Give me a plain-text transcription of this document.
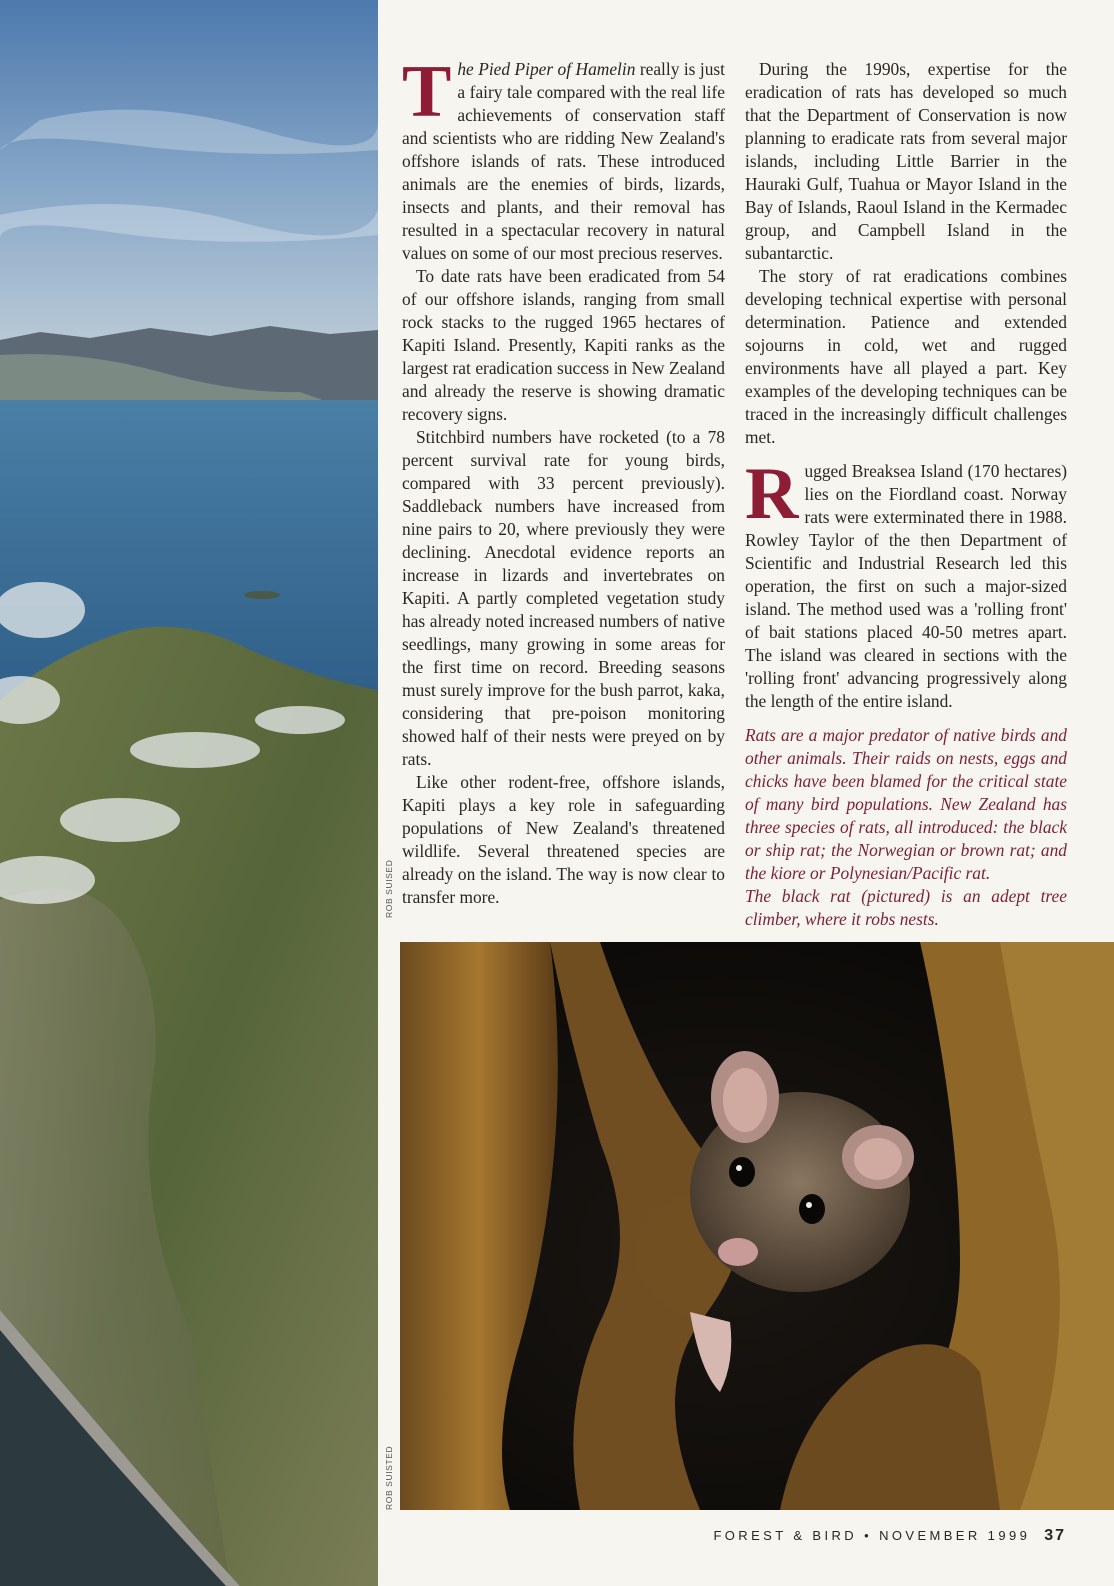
ROB SUISED
ROB SUISTED

The Pied Piper of Hamelin really is just a fairy tale compared with the real life achievements of conservation staff and scientists who are ridding New Zealand's offshore islands of rats. These introduced animals are the enemies of birds, lizards, insects and plants, and their removal has resulted in a spectacular recovery in natural values on some of our most precious reserves.

To date rats have been eradicated from 54 of our offshore islands, ranging from small rock stacks to the rugged 1965 hectares of Kapiti Island. Presently, Kapiti ranks as the largest rat eradication success in New Zealand and already the reserve is showing dramatic recovery signs.

Stitchbird numbers have rocketed (to a 78 percent survival rate for young birds, compared with 33 percent previously). Saddleback numbers have increased from nine pairs to 20, where previously they were declining. Anecdotal evidence reports an increase in lizards and invertebrates on Kapiti. A partly completed vegetation study has already noted increased numbers of native seedlings, many growing in some areas for the first time on record. Breeding seasons must surely improve for the bush parrot, kaka, considering that pre-poison monitoring showed half of their nests were preyed on by rats.

Like other rodent-free, offshore islands, Kapiti plays a key role in safeguarding populations of New Zealand's threatened wildlife. Several threatened species are already on the island. The way is now clear to transfer more.

During the 1990s, expertise for the eradication of rats has developed so much that the Department of Conservation is now planning to eradicate rats from several major islands, including Little Barrier in the Hauraki Gulf, Tuahua or Mayor Island in the Bay of Islands, Raoul Island in the Kermadec group, and Campbell Island in the subantarctic.

The story of rat eradications combines developing technical expertise with personal determination. Patience and extended sojourns in cold, wet and rugged environments have all played a part. Key examples of the developing techniques can be traced in the increasingly difficult challenges met.

Rugged Breaksea Island (170 hectares) lies on the Fiordland coast. Norway rats were exterminated there in 1988. Rowley Taylor of the then Department of Scientific and Industrial Research led this operation, the first on such a major-sized island. The method used was a 'rolling front' of bait stations placed 40-50 metres apart. The island was cleared in sections with the 'rolling front' advancing progressively along the length of the entire island.

Rats are a major predator of native birds and other animals. Their raids on nests, eggs and chicks have been blamed for the critical state of many bird populations. New Zealand has three species of rats, all introduced: the black or ship rat; the Norwegian or brown rat; and the kiore or Polynesian/Pacific rat.

The black rat (pictured) is an adept tree climber, where it robs nests.

FOREST & BIRD • NOVEMBER 1999 37
